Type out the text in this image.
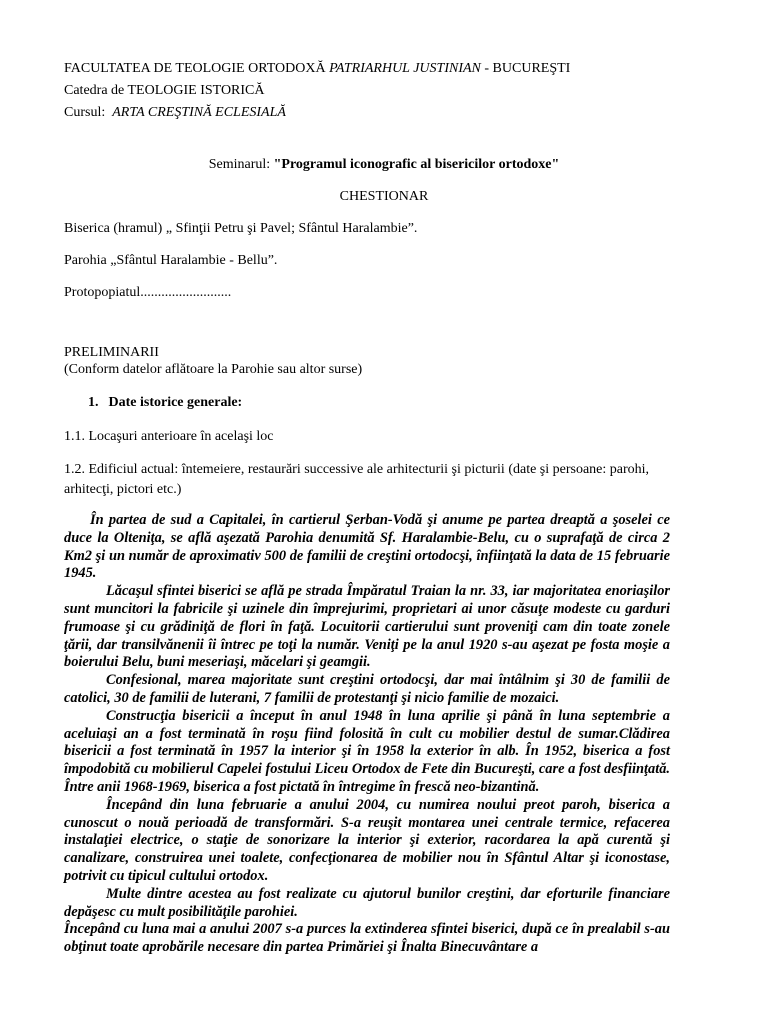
FACULTATEA DE TEOLOGIE ORTODOXĂ PATRIARHUL JUSTINIAN - BUCUREŞTI
Catedra de TEOLOGIE ISTORICĂ
Cursul: ARTA CREŞTINĂ ECLESIALĂ
Seminarul: "Programul iconografic al bisericilor ortodoxe"
CHESTIONAR
Biserica (hramul) „ Sfinţii Petru şi Pavel; Sfântul Haralambie”.
Parohia „Sfântul Haralambie - Bellu”.
Protopopiatul..........................
PRELIMINARII
(Conform datelor aflătoare la Parohie sau altor surse)
1. Date istorice generale:
1.1. Locaşuri anterioare în acelaşi loc
1.2. Edificiul actual: întemeiere, restaurări successive ale arhitecturii şi picturii (date şi persoane: parohi, arhitecţi, pictori etc.)

În partea de sud a Capitalei, în cartierul Şerban-Vodă şi anume pe partea dreaptă a şoselei ce duce la Olteniţa, se află aşezată Parohia denumită Sf. Haralambie-Belu, cu o suprafaţă de circa 2 Km2 şi un număr de aproximativ 500 de familii de creştini ortodocşi, înfiinţată la data de 15 februarie 1945.

Lăcaşul sfintei biserici se află pe strada Împăratul Traian la nr. 33, iar majoritatea enoriaşilor sunt muncitori la fabricile şi uzinele din împrejurimi, proprietari ai unor căsuţe modeste cu garduri frumoase şi cu grădiniţă de flori în faţă. Locuitorii cartierului sunt proveniţi cam din toate zonele ţării, dar transilvănenii îi întrec pe toţi la număr. Veniţi pe la anul 1920 s-au aşezat pe fosta moşie a boierului Belu, buni meseriaşi, măcelari şi geamgii.

Confesional, marea majoritate sunt creştini ortodocşi, dar mai întâlnim şi 30 de familii de catolici, 30 de familii de luterani, 7 familii de protestanţi şi nicio familie de mozaici.

Construcţia bisericii a început în anul 1948 în luna aprilie şi până în luna septembrie a aceluiaşi an a fost terminată în roşu fiind folosită în cult cu mobilier destul de sumar.Clădirea bisericii a fost terminată în 1957 la interior şi în 1958 la exterior în alb. În 1952, biserica a fost împodobită cu mobilierul Capelei fostului Liceu Ortodox de Fete din Bucureşti, care a fost desfiinţată.

Între anii 1968-1969, biserica a fost pictată în întregime în frescă neo-bizantină.

Începând din luna februarie a anului 2004, cu numirea noului preot paroh, biserica a cunoscut o nouă perioadă de transformări. S-a reuşit montarea unei centrale termice, refacerea instalaţiei electrice, o staţie de sonorizare la interior şi exterior, racordarea la apă curentă şi canalizare, construirea unei toalete, confecţionarea de mobilier nou în Sfântul Altar şi iconostase, potrivit cu tipicul cultului ortodox.

Multe dintre acestea au fost realizate cu ajutorul bunilor creştini, dar eforturile financiare depăşesc cu mult posibilităţile parohiei.

Începând cu luna mai a anului 2007 s-a purces la extinderea sfintei biserici, după ce în prealabil s-au obţinut toate aprobările necesare din partea Primăriei şi Înalta Binecuvântare a
